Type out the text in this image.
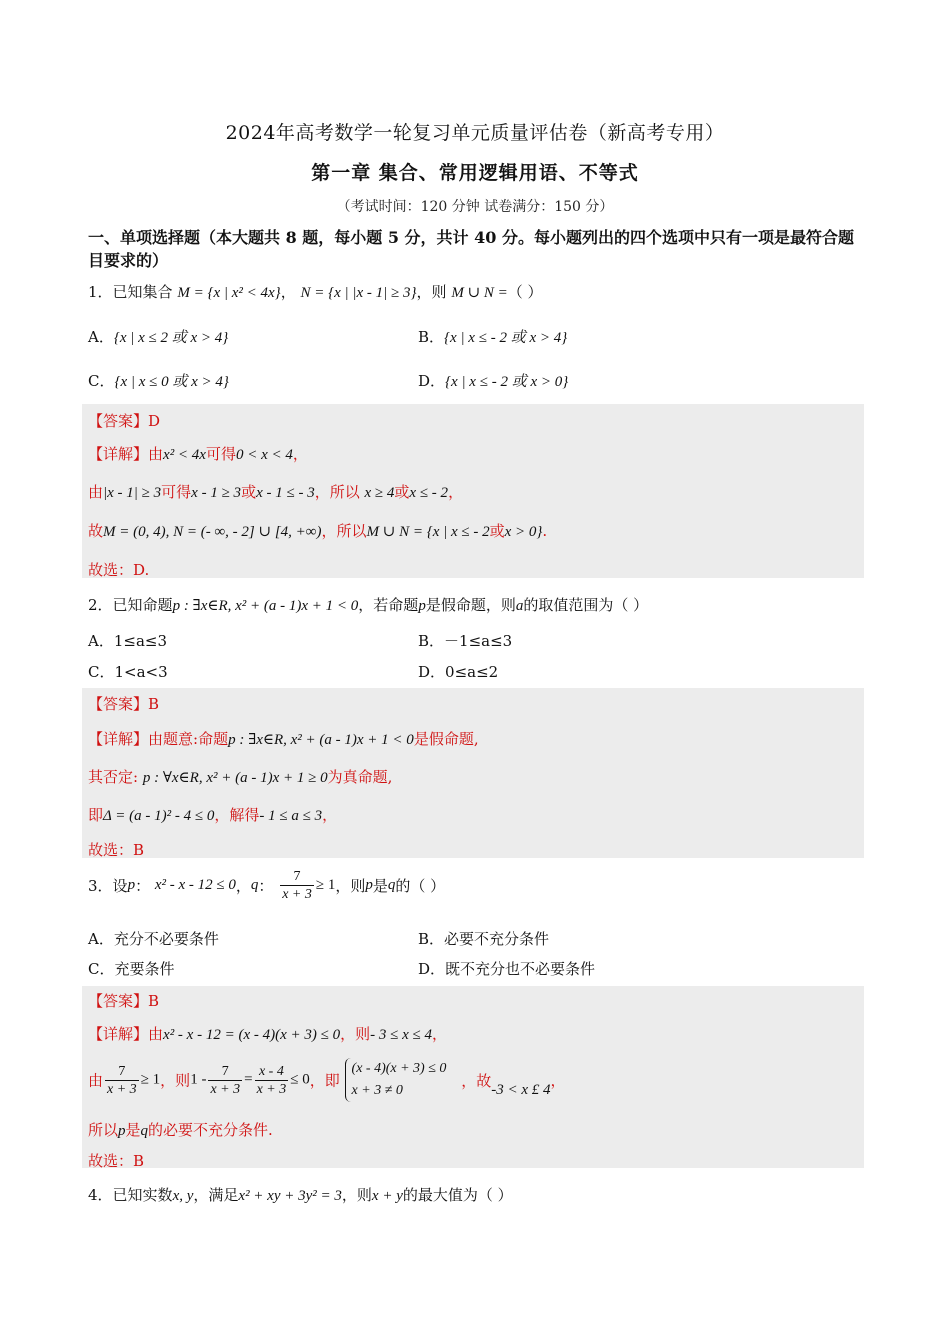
2024年高考数学一轮复习单元质量评估卷（新高考专用）
第一章 集合、常用逻辑用语、不等式
（考试时间：120 分钟 试卷满分：150 分）
一、单项选择题（本大题共 8 题，每小题 5 分，共计 40 分。每小题列出的四个选项中只有一项是最符合题目要求的）
1．已知集合 M = {x | x² < 4x}， N = {x | |x - 1| ≥ 3}，则 M ∪ N =（ ）
A．{x | x ≤ 2 或 x > 4}	B．{x | x ≤ - 2 或 x > 4}
C．{x | x ≤ 0 或 x > 4}	D．{x | x ≤ - 2 或 x > 0}
【答案】D
【详解】由x² < 4x可得0 < x < 4，
由|x - 1| ≥ 3可得x - 1 ≥ 3或x - 1 ≤ - 3，所以 x ≥ 4或x ≤ - 2，
故M = (0, 4), N = (- ∞, - 2] ∪ [4, +∞)，所以M ∪ N = {x | x ≤ - 2或x > 0}.
故选：D.
2．已知命题p : ∃x∈R, x² + (a - 1)x + 1 < 0，若命题p是假命题，则a的取值范围为（ ）
A．1≤a≤3	B．－1≤a≤3
C．1<a<3	D．0≤a≤2
【答案】B
【详解】由题意:命题p : ∃x∈R, x² + (a - 1)x + 1 < 0是假命题,
其否定: p : ∀x∈R, x² + (a - 1)x + 1 ≥ 0为真命题,
即Δ = (a - 1)² - 4 ≤ 0，解得- 1 ≤ a ≤ 3，
故选：B
3．设p： x² - x - 12 ≤ 0，q： $\frac{7}{x + 3} \ge 1$，则p是q的（ ）
A．充分不必要条件	B．必要不充分条件
C．充要条件	D．既不充分也不必要条件
【答案】B
【详解】由x² - x - 12 = (x - 4)(x + 3) ≤ 0，则- 3 ≤ x ≤ 4，
由 $\frac{7}{x + 3} \ge 1$，则$1 - \frac{7}{x + 3} = \frac{x - 4}{x + 3} \le 0$，即
(x - 4)(x + 3) ≤ 0
x + 3 ≠ 0
，故-3 < x £ 4，
所以p是q的必要不充分条件.
故选：B
4．已知实数x, y，满足x² + xy + 3y² = 3，则x + y的最大值为（ ）
